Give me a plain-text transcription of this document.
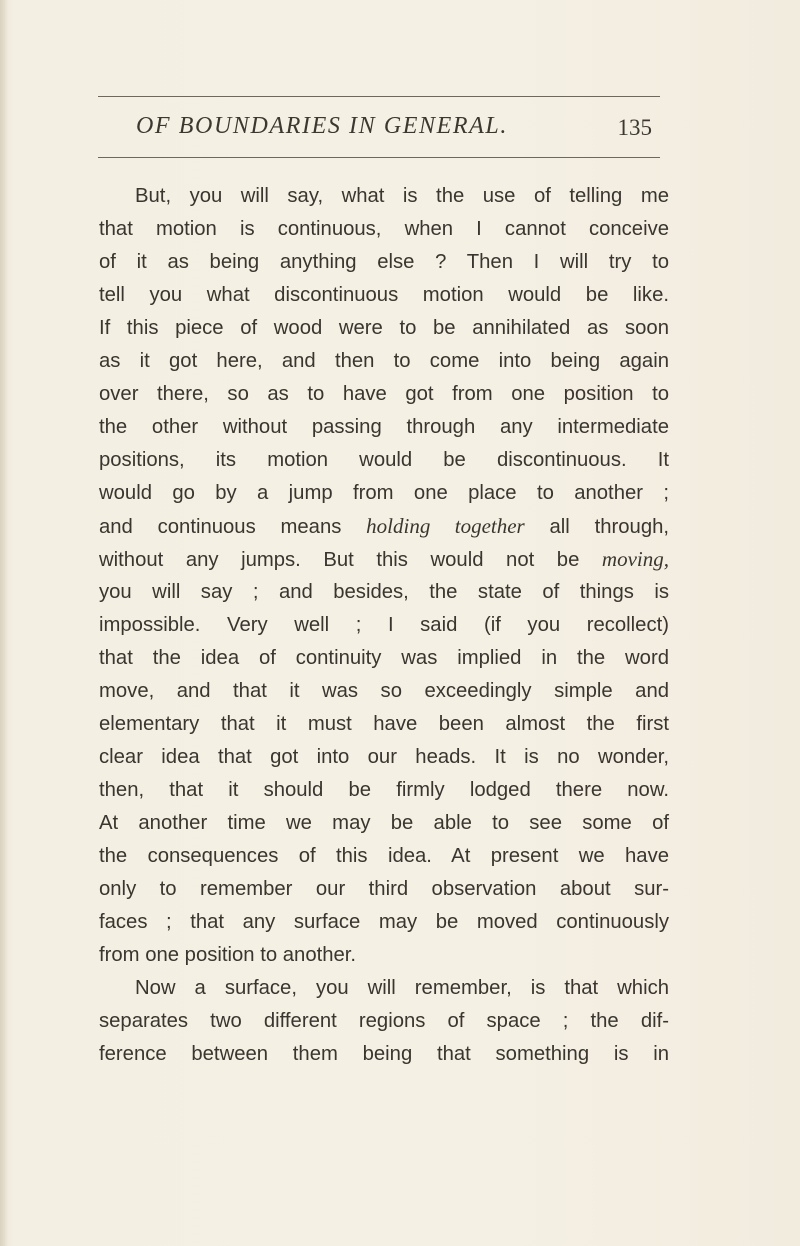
OF BOUNDARIES IN GENERAL.	135
But, you will say, what is the use of telling me
that motion is continuous, when I cannot conceive
of it as being anything else ? Then I will try to
tell you what discontinuous motion would be like.
If this piece of wood were to be annihilated as soon
as it got here, and then to come into being again
over there, so as to have got from one position to
the other without passing through any intermediate
positions, its motion would be discontinuous. It
would go by a jump from one place to another ;
and continuous means holding together all through,
without any jumps. But this would not be moving,
you will say ; and besides, the state of things is
impossible. Very well ; I said (if you recollect)
that the idea of continuity was implied in the word
move, and that it was so exceedingly simple and
elementary that it must have been almost the first
clear idea that got into our heads. It is no wonder,
then, that it should be firmly lodged there now.
At another time we may be able to see some of
the consequences of this idea. At present we have
only to remember our third observation about sur-
faces ; that any surface may be moved continuously
from one position to another.
Now a surface, you will remember, is that which
separates two different regions of space ; the dif-
ference between them being that something is in
